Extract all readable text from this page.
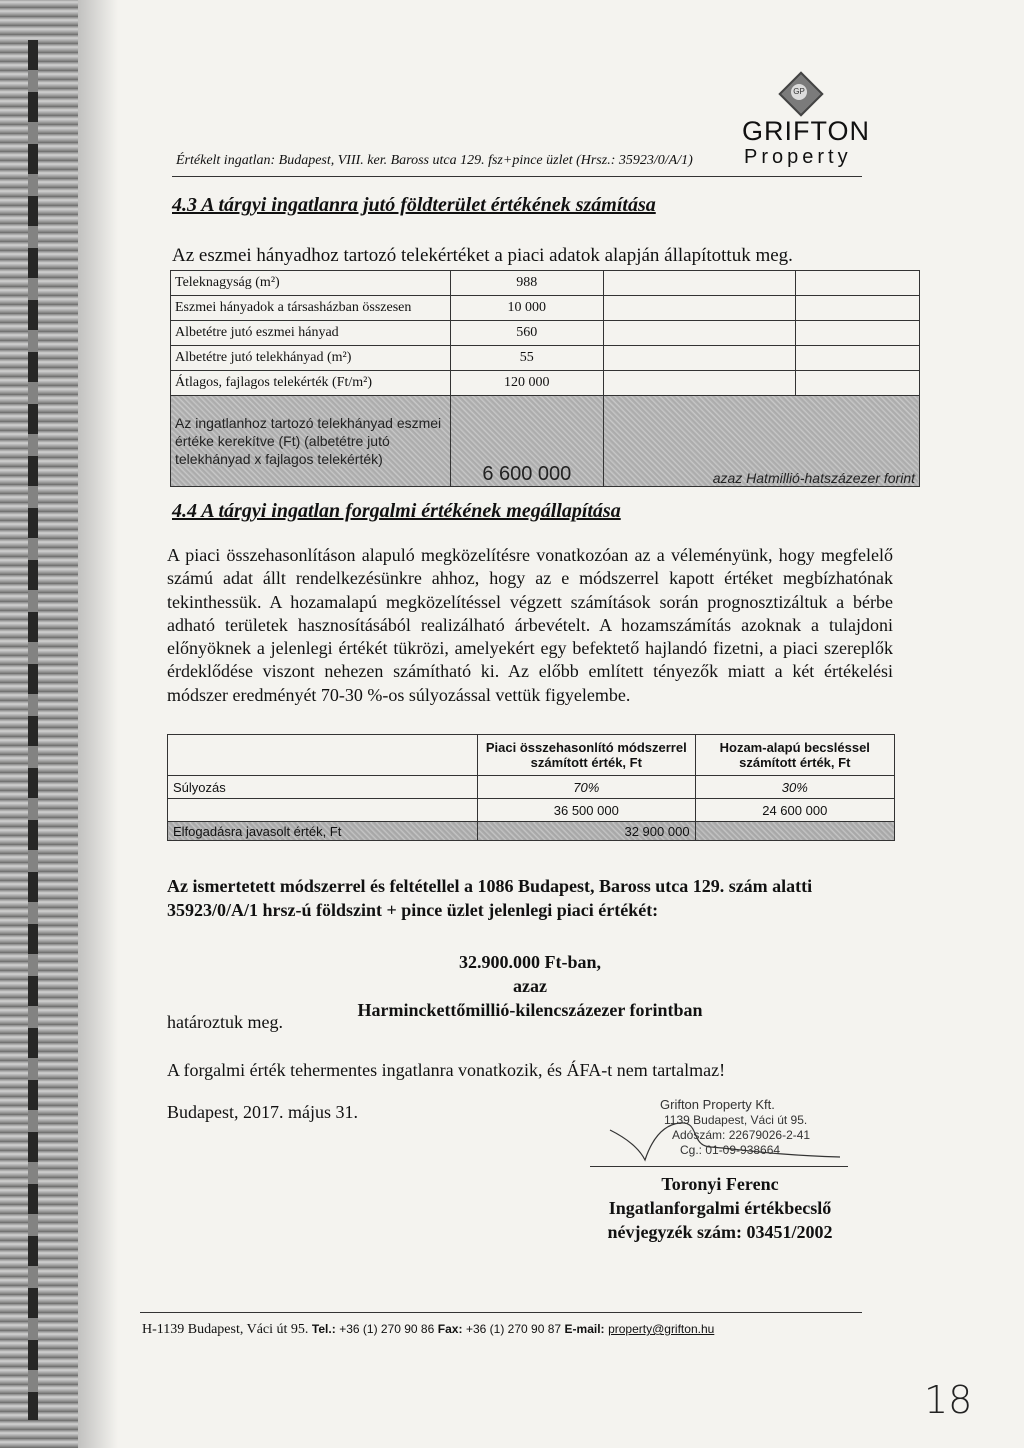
GP
GRIFTON
Property
Értékelt ingatlan: Budapest, VIII. ker. Baross utca 129. fsz+pince üzlet (Hrsz.: 35923/0/A/1)
4.3 A tárgyi ingatlanra jutó földterület értékének számítása
Az eszmei hányadhoz tartozó telekértéket a piaci adatok alapján állapítottuk meg.
Teleknagyság (m²)	988		
Eszmei hányadok a társasházban összesen	10 000		
Albetétre jutó eszmei hányad	560		
Albetétre jutó telekhányad (m²)	55		
Átlagos, fajlagos telekérték (Ft/m²)	120 000		
Az ingatlanhoz tartozó telekhányad eszmei értéke kerekítve (Ft) (albetétre jutó telekhányad x fajlagos telekérték)	6 600 000	azaz Hatmillió-hatszázezer forint	
4.4 A tárgyi ingatlan forgalmi értékének megállapítása
A piaci összehasonlításon alapuló megközelítésre vonatkozóan az a véleményünk, hogy megfelelő számú adat állt rendelkezésünkre ahhoz, hogy az e módszerrel kapott értéket megbízhatónak tekinthessük. A hozamalapú megközelítéssel végzett számítások során prognosztizáltuk a bérbe adható területek hasznosításából realizálható árbevételt. A hozamszámítás azoknak a tulajdoni előnyöknek a jelenlegi értékét tükrözi, amelyekért egy befektető hajlandó fizetni, a piaci szereplők érdeklődése viszont nehezen számítható ki. Az előbb említett tényezők miatt a két értékelési módszer eredményét 70-30 %-os súlyozással vettük figyelembe.
	Piaci összehasonlító módszerrel számított érték, Ft	Hozam-alapú becsléssel számított érték, Ft
Súlyozás	70%	30%
	36 500 000	24 600 000
Elfogadásra javasolt érték, Ft	32 900 000	
Az ismertetett módszerrel és feltétellel a 1086 Budapest, Baross utca 129. szám alatti
35923/0/A/1 hrsz-ú földszint + pince üzlet jelenlegi piaci értékét:
32.900.000 Ft-ban,
azaz
Harminckettőmillió-kilencszázezer forintban
határoztuk meg.
A forgalmi érték tehermentes ingatlanra vonatkozik, és ÁFA-t nem tartalmaz!
Budapest, 2017. május 31.	Grifton Property Kft.
1139 Budapest, Váci út 95.
Adószám: 22679026-2-41
Cg.: 01-09-938664
Toronyi Ferenc
Ingatlanforgalmi értékbecslő
névjegyzék szám: 03451/2002
H-1139 Budapest, Váci út 95. Tel.: +36 (1) 270 90 86 Fax: +36 (1) 270 90 87 E-mail: property@grifton.hu
18
